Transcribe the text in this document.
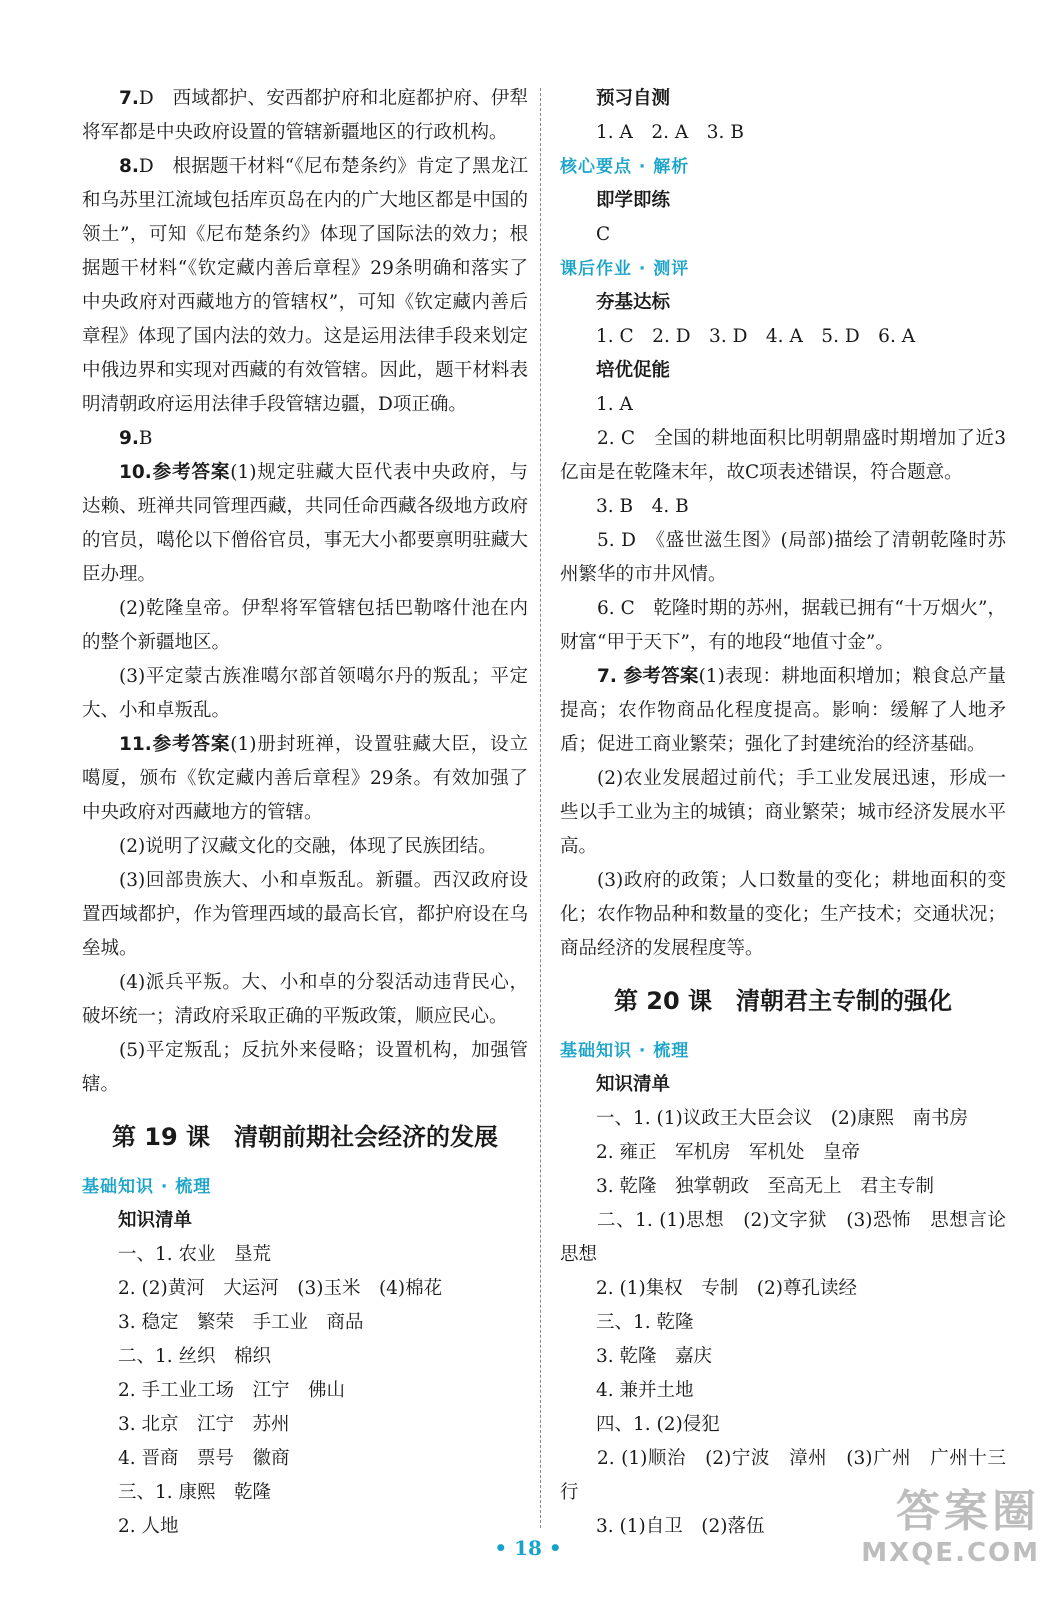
7.D　西域都护、安西都护府和北庭都护府、伊犁将军都是中央政府设置的管辖新疆地区的行政机构。

8.D　根据题干材料“《尼布楚条约》肯定了黑龙江和乌苏里江流域包括库页岛在内的广大地区都是中国的领土”，可知《尼布楚条约》体现了国际法的效力；根据题干材料“《钦定藏内善后章程》29条明确和落实了中央政府对西藏地方的管辖权”，可知《钦定藏内善后章程》体现了国内法的效力。这是运用法律手段来划定中俄边界和实现对西藏的有效管辖。因此，题干材料表明清朝政府运用法律手段管辖边疆，D项正确。

9.B

10.参考答案(1)规定驻藏大臣代表中央政府，与达赖、班禅共同管理西藏，共同任命西藏各级地方政府的官员，噶伦以下僧俗官员，事无大小都要禀明驻藏大臣办理。

(2)乾隆皇帝。伊犁将军管辖包括巴勒喀什池在内的整个新疆地区。

(3)平定蒙古族准噶尔部首领噶尔丹的叛乱；平定大、小和卓叛乱。

11.参考答案(1)册封班禅，设置驻藏大臣，设立噶厦，颁布《钦定藏内善后章程》29条。有效加强了中央政府对西藏地方的管辖。

(2)说明了汉藏文化的交融，体现了民族团结。

(3)回部贵族大、小和卓叛乱。新疆。西汉政府设置西域都护，作为管理西域的最高长官，都护府设在乌垒城。

(4)派兵平叛。大、小和卓的分裂活动违背民心，破坏统一；清政府采取正确的平叛政策，顺应民心。

(5)平定叛乱；反抗外来侵略；设置机构，加强管辖。

第 19 课　清朝前期社会经济的发展

基础知识 · 梳理

知识清单

一、1. 农业　垦荒

2. (2)黄河　大运河　(3)玉米　(4)棉花

3. 稳定　繁荣　手工业　商品

二、1. 丝织　棉织

2. 手工业工场　江宁　佛山

3. 北京　江宁　苏州

4. 晋商　票号　徽商

三、1. 康熙　乾隆

2. 人地

预习自测

1. A　2. A　3. B

核心要点 · 解析

即学即练

C

课后作业 · 测评

夯基达标

1. C　2. D　3. D　4. A　5. D　6. A

培优促能

1. A

2. C　全国的耕地面积比明朝鼎盛时期增加了近3亿亩是在乾隆末年，故C项表述错误，符合题意。

3. B　4. B

5. D　《盛世滋生图》(局部)描绘了清朝乾隆时苏州繁华的市井风情。

6. C　乾隆时期的苏州，据载已拥有“十万烟火”，财富“甲于天下”，有的地段“地值寸金”。

7. 参考答案(1)表现：耕地面积增加；粮食总产量提高；农作物商品化程度提高。影响：缓解了人地矛盾；促进工商业繁荣；强化了封建统治的经济基础。

(2)农业发展超过前代；手工业发展迅速，形成一些以手工业为主的城镇；商业繁荣；城市经济发展水平高。

(3)政府的政策；人口数量的变化；耕地面积的变化；农作物品种和数量的变化；生产技术；交通状况；商品经济的发展程度等。

第 20 课　清朝君主专制的强化

基础知识 · 梳理

知识清单

一、1. (1)议政王大臣会议　(2)康熙　南书房

2. 雍正　军机房　军机处　皇帝

3. 乾隆　独掌朝政　至高无上　君主专制

二、1. (1)思想　(2)文字狱　(3)恐怖　思想言论思想

2. (1)集权　专制　(2)尊孔读经

三、1. 乾隆

3. 乾隆　嘉庆

4. 兼并土地

四、1. (2)侵犯

2. (1)顺治　(2)宁波　漳州　(3)广州　广州十三行

3. (1)自卫　(2)落伍

• 18 •
答案圈
MXQE.COM
